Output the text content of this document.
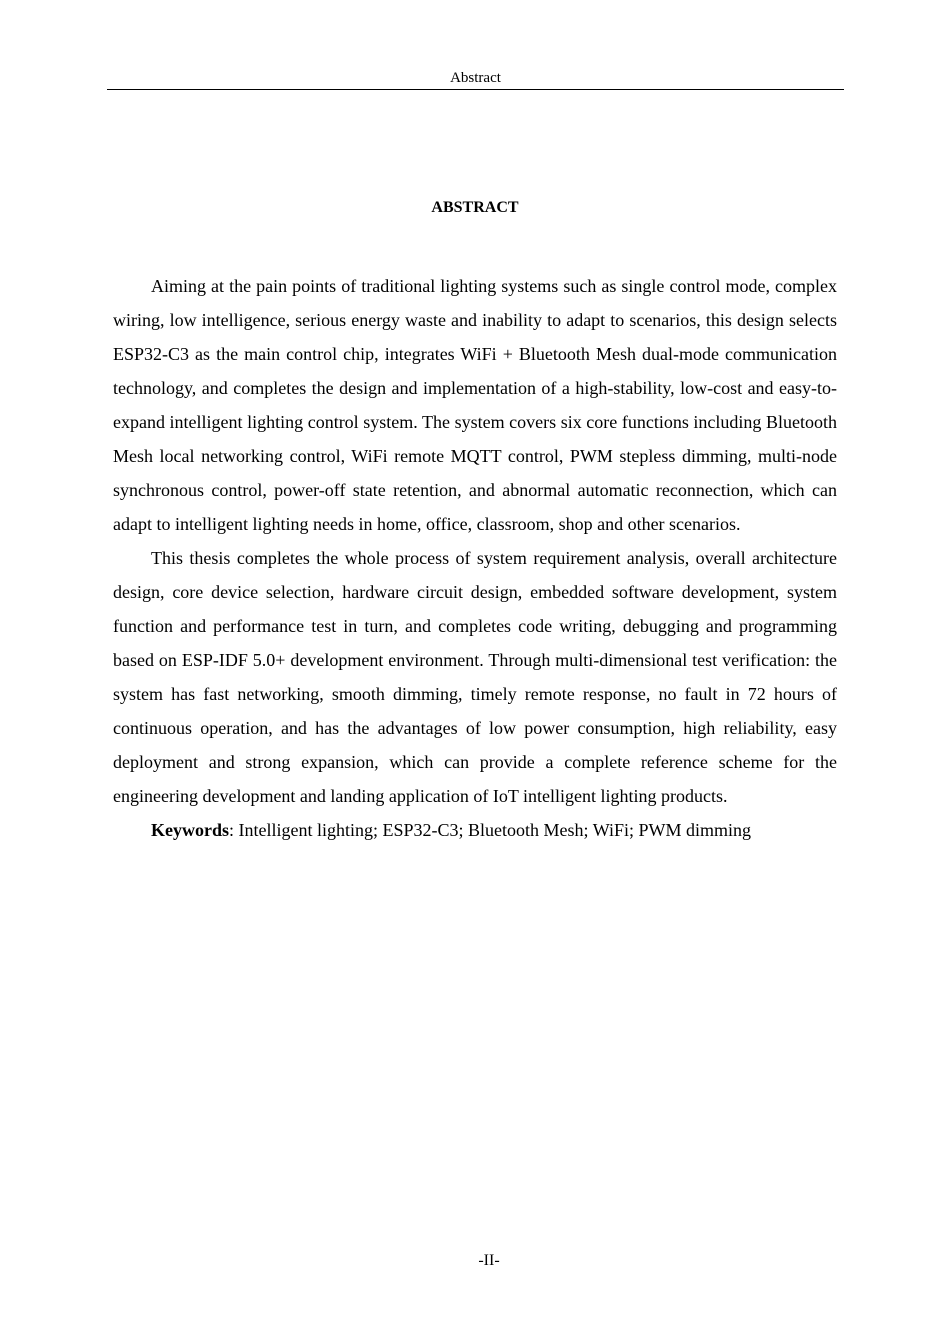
Abstract
ABSTRACT

Aiming at the pain points of traditional lighting systems such as single control mode, complex wiring, low intelligence, serious energy waste and inability to adapt to scenarios, this design selects ESP32-C3 as the main control chip, integrates WiFi + Bluetooth Mesh dual-mode communication technology, and completes the design and implementation of a high-stability, low-cost and easy-to-expand intelligent lighting control system. The system covers six core functions including Bluetooth Mesh local networking control, WiFi remote MQTT control, PWM stepless dimming, multi-node synchronous control, power-off state retention, and abnormal automatic reconnection, which can adapt to intelligent lighting needs in home, office, classroom, shop and other scenarios.

This thesis completes the whole process of system requirement analysis, overall architecture design, core device selection, hardware circuit design, embedded software development, system function and performance test in turn, and completes code writing, debugging and programming based on ESP-IDF 5.0+ development environment. Through multi-dimensional test verification: the system has fast networking, smooth dimming, timely remote response, no fault in 72 hours of continuous operation, and has the advantages of low power consumption, high reliability, easy deployment and strong expansion, which can provide a complete reference scheme for the engineering development and landing application of IoT intelligent lighting products.

Keywords: Intelligent lighting; ESP32-C3; Bluetooth Mesh; WiFi; PWM dimming

-II-
